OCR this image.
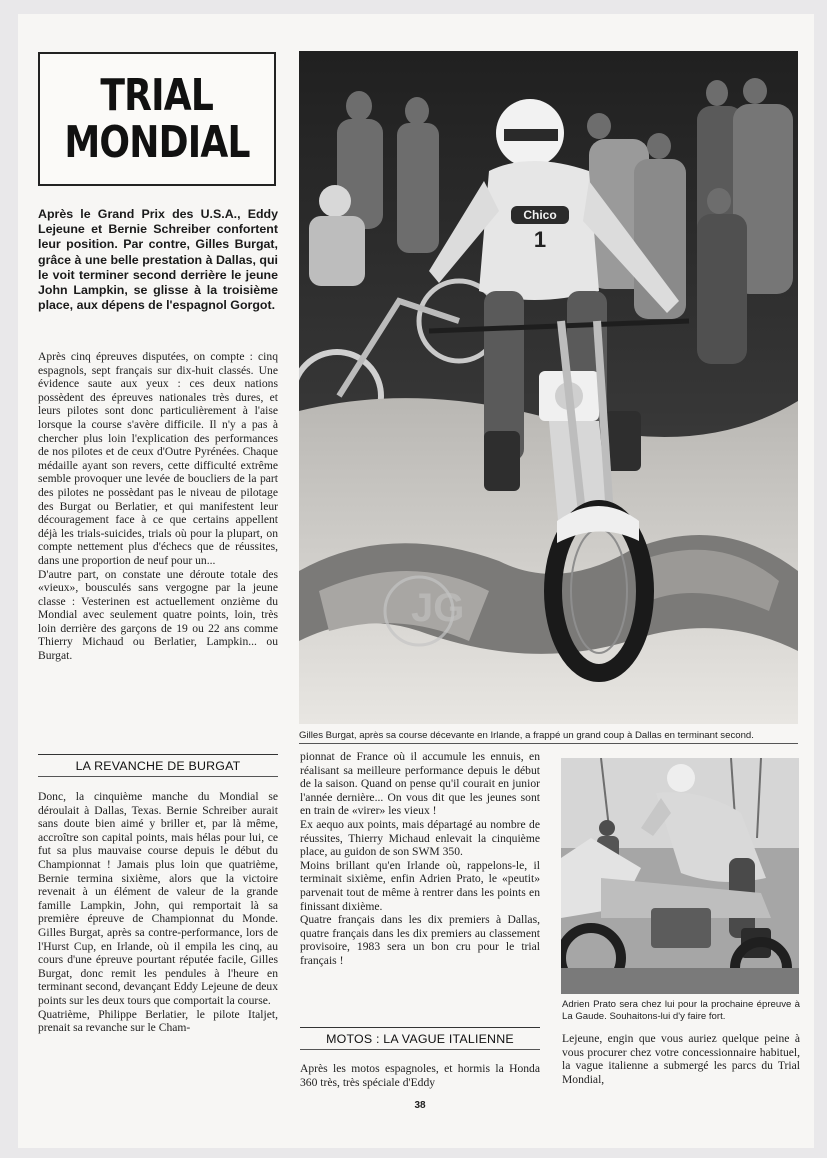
TRIAL
MONDIAL
Après le Grand Prix des U.S.A., Eddy Lejeune et Bernie Schreiber confortent leur position. Par contre, Gilles Burgat, grâce à une belle prestation à Dallas, qui le voit terminer second derrière le jeune John Lampkin, se glisse à la troisième place, aux dépens de l'espagnol Gorgot.

Après cinq épreuves disputées, on compte : cinq espagnols, sept français sur dix-huit classés. Une évidence saute aux yeux : ces deux nations possèdent des épreuves nationales très dures, et leurs pilotes sont donc particulièrement à l'aise lorsque la course s'avère difficile. Il n'y a pas à chercher plus loin l'explication des performances de nos pilotes et de ceux d'Outre Pyrénées. Chaque médaille ayant son revers, cette difficulté extrême semble provoquer une levée de boucliers de la part des pilotes ne possèdant pas le niveau de pilotage des Burgat ou Berlatier, et qui manifestent leur découragement face à ce que certains appellent déjà les trials-suicides, trials où pour la plupart, on compte nettement plus d'échecs que de réussites, dans une proportion de neuf pour un...

D'autre part, on constate une déroute totale des «vieux», bousculés sans vergogne par la jeune classe : Vesterinen est actuellement onzième du Mondial avec seulement quatre points, loin, très loin derrière des garçons de 19 ou 22 ans comme Thierry Michaud ou Berlatier, Lampkin... ou Burgat.

LA REVANCHE DE BURGAT

Donc, la cinquième manche du Mondial se déroulait à Dallas, Texas. Bernie Schreiber aurait sans doute bien aimé y briller et, par là même, accroître son capital points, mais hélas pour lui, ce fut sa plus mauvaise course depuis le début du Championnat ! Jamais plus loin que quatrième, Bernie termina sixième, alors que la victoire revenait à un élément de valeur de la grande famille Lampkin, John, qui remportait là sa première épreuve de Championnat du Monde. Gilles Burgat, après sa contre-performance, lors de l'Hurst Cup, en Irlande, où il empila les cinq, au cours d'une épreuve pourtant réputée facile, Gilles Burgat, donc remit les pendules à l'heure en terminant second, devançant Eddy Lejeune de deux points sur les deux tours que comportait la course.

Quatrième, Philippe Berlatier, le pilote Italjet, prenait sa revanche sur le Cham-

Chico
1
JG
Gilles Burgat, après sa course décevante en Irlande, a frappé un grand coup à Dallas en terminant second.

pionnat de France où il accumule les ennuis, en réalisant sa meilleure performance depuis le début de la saison. Quand on pense qu'il courait en junior l'année dernière... On vous dit que les jeunes sont en train de «virer» les vieux !

Ex aequo aux points, mais départagé au nombre de réussites, Thierry Michaud enlevait la cinquième place, au guidon de son SWM 350.

Moins brillant qu'en Irlande où, rappelons-le, il terminait sixième, enfin Adrien Prato, le «peutit» parvenait tout de même à rentrer dans les points en finissant dixième.

Quatre français dans les dix premiers à Dallas, quatre français dans les dix premiers au classement provisoire, 1983 sera un bon cru pour le trial français !

MOTOS : LA VAGUE ITALIENNE
Après les motos espagnoles, et hormis la Honda 360 très, très spéciale d'Eddy
Adrien Prato sera chez lui pour la prochaine épreuve à La Gaude. Souhaitons-lui d'y faire fort.
Lejeune, engin que vous auriez quelque peine à vous procurer chez votre concessionnaire habituel, la vague italienne a submergé les parcs du Trial Mondial,
38
